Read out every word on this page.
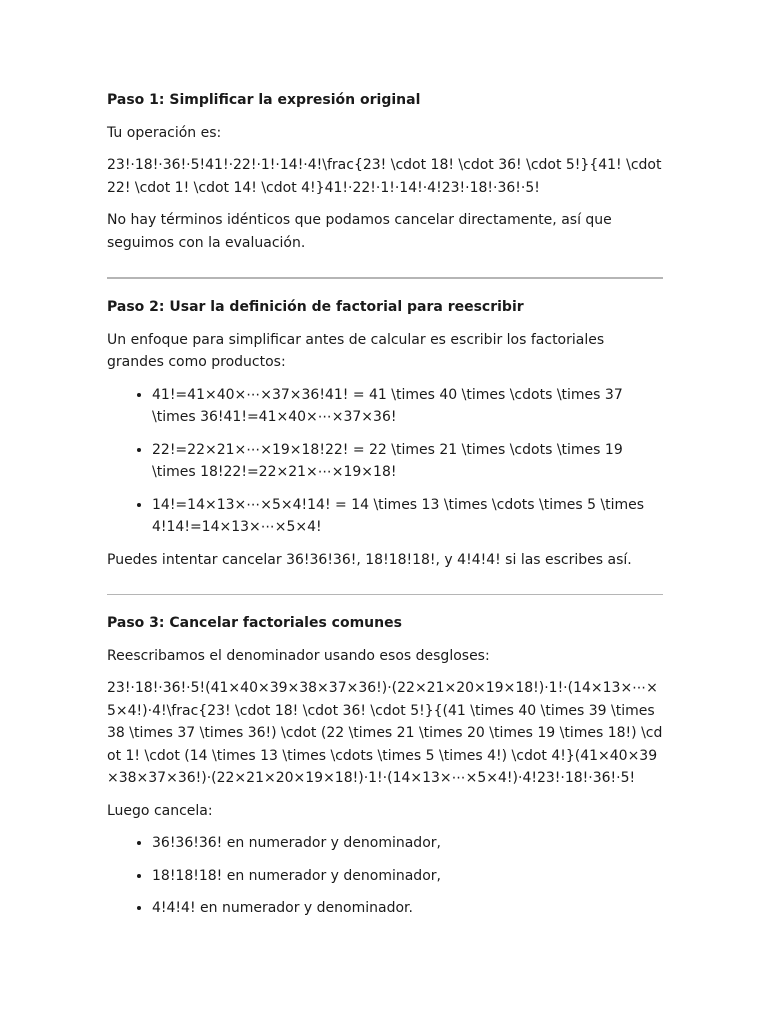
Paso 1: Simplificar la expresión original

Tu operación es:

23!·18!·36!·5!41!·22!·1!·14!·4!\frac{23! \cdot 18! \cdot 36! \cdot 5!}{41! \cdot 22! \cdot 1! \cdot 14! \cdot 4!}41!·22!·1!·14!·4!23!·18!·36!·5!

No hay términos idénticos que podamos cancelar directamente, así que seguimos con la evaluación.

Paso 2: Usar la definición de factorial para reescribir

Un enfoque para simplificar antes de calcular es escribir los factoriales grandes como productos:

• 41!=41×40×⋯×37×36!41! = 41 \times 40 \times \cdots \times 37 \times 36!41!=41×40×⋯×37×36!
• 22!=22×21×⋯×19×18!22! = 22 \times 21 \times \cdots \times 19 \times 18!22!=22×21×⋯×19×18!
• 14!=14×13×⋯×5×4!14! = 14 \times 13 \times \cdots \times 5 \times 4!14!=14×13×⋯×5×4!

Puedes intentar cancelar 36!36!36!, 18!18!18!, y 4!4!4! si las escribes así.

Paso 3: Cancelar factoriales comunes

Reescribamos el denominador usando esos desgloses:

23!·18!·36!·5!(41×40×39×38×37×36!)·(22×21×20×19×18!)·1!·(14×13×⋯×5×4!)·4!\frac{23! \cdot 18! \cdot 36! \cdot 5!}{(41 \times 40 \times 39 \times 38 \times 37 \times 36!) \cdot (22 \times 21 \times 20 \times 19 \times 18!) \cdot 1! \cdot (14 \times 13 \times \cdots \times 5 \times 4!) \cdot 4!}(41×40×39×38×37×36!)·(22×21×20×19×18!)·1!·(14×13×⋯×5×4!)·4!23!·18!·36!·5!

Luego cancela:

• 36!36!36! en numerador y denominador,
• 18!18!18! en numerador y denominador,
• 4!4!4! en numerador y denominador.
